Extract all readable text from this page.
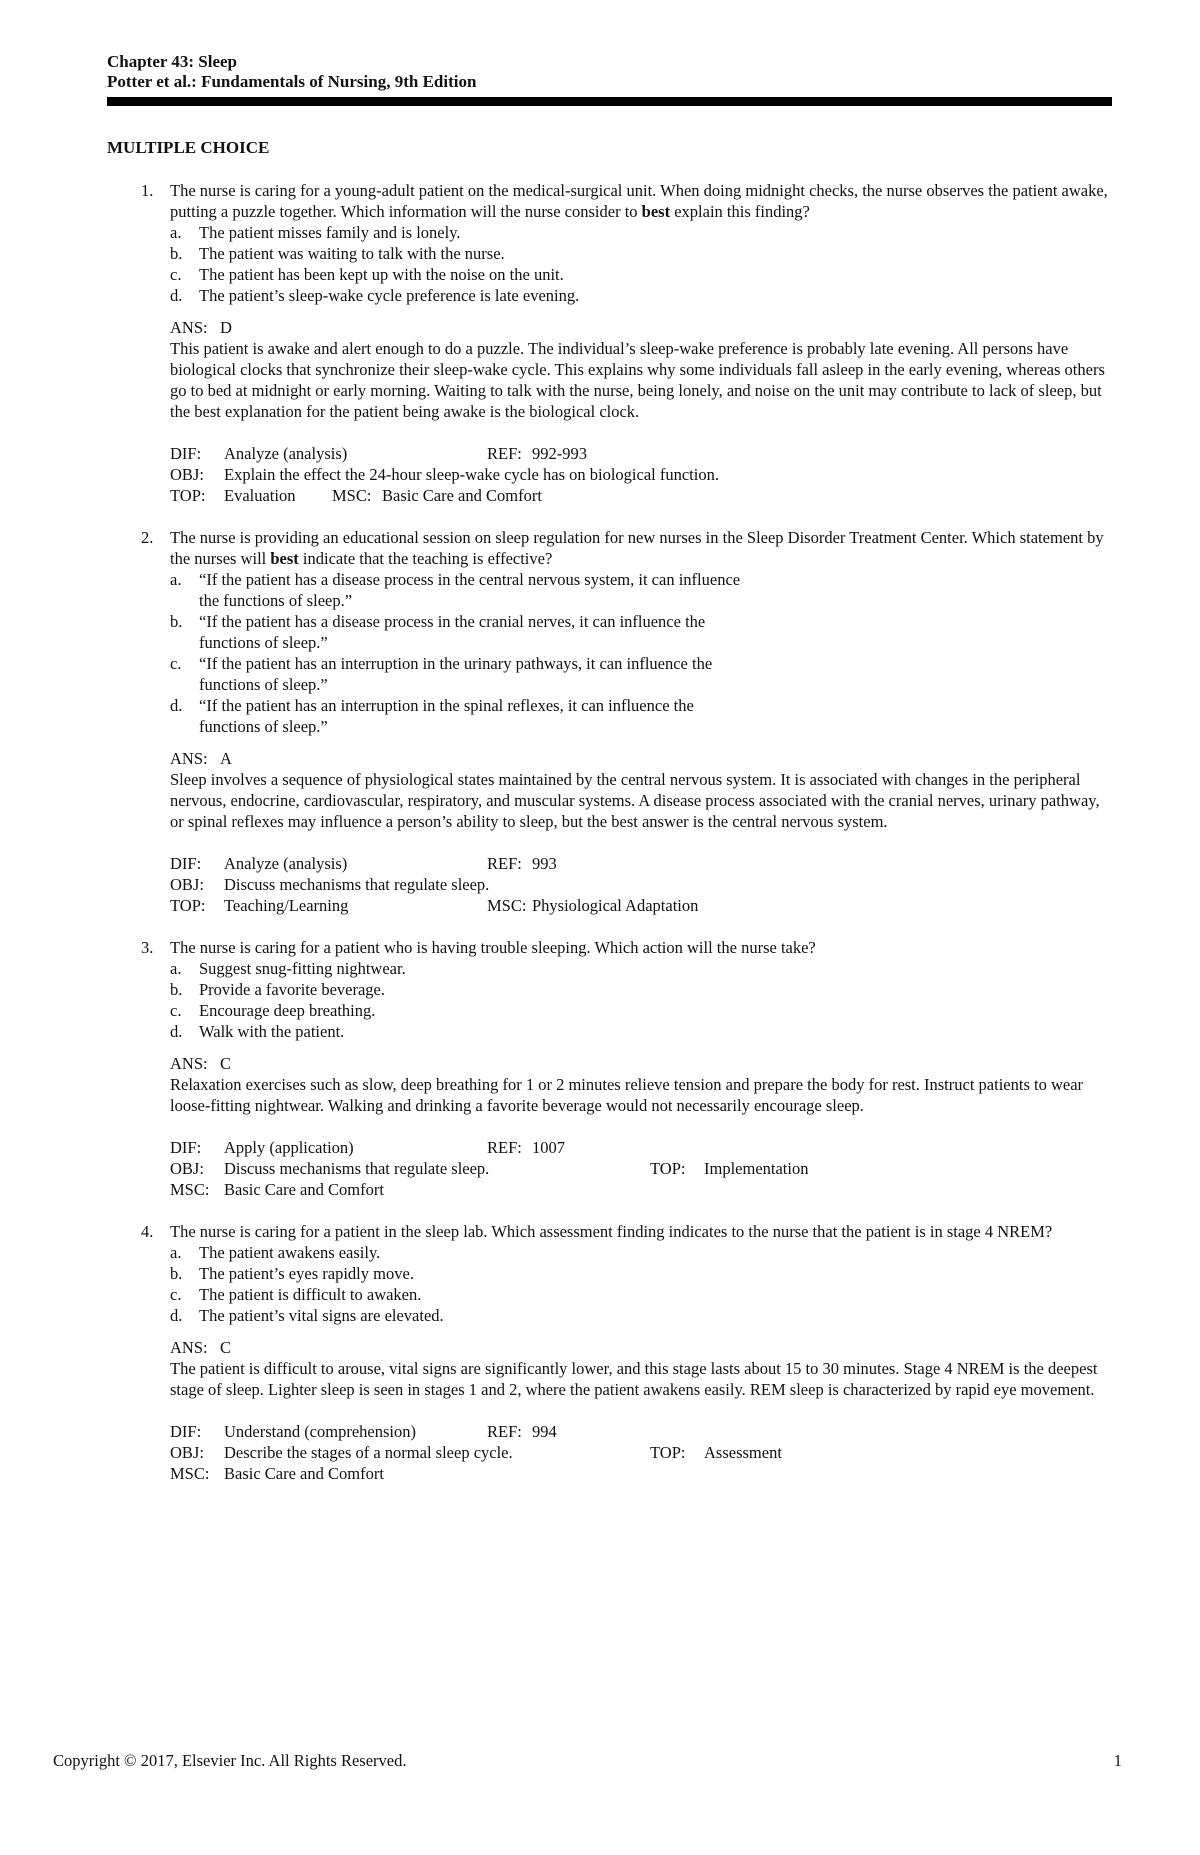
Chapter 43: Sleep
Potter et al.: Fundamentals of Nursing, 9th Edition
MULTIPLE CHOICE
1. The nurse is caring for a young-adult patient on the medical-surgical unit. When doing midnight checks, the nurse observes the patient awake, putting a puzzle together. Which information will the nurse consider to best explain this finding?

a. The patient misses family and is lonely.
b. The patient was waiting to talk with the nurse.
c. The patient has been kept up with the noise on the unit.
d. The patient’s sleep-wake cycle preference is late evening.
ANS:   D

This patient is awake and alert enough to do a puzzle. The individual’s sleep-wake preference is probably late evening. All persons have biological clocks that synchronize their sleep-wake cycle. This explains why some individuals fall asleep in the early evening, whereas others go to bed at midnight or early morning. Waiting to talk with the nurse, being lonely, and noise on the unit may contribute to lack of sleep, but the best explanation for the patient being awake is the biological clock.

DIF: Analyze (analysis)	REF: 992-993
OBJ: Explain the effect the 24-hour sleep-wake cycle has on biological function.
TOP: Evaluation MSC: Basic Care and Comfort
2. The nurse is providing an educational session on sleep regulation for new nurses in the Sleep Disorder Treatment Center. Which statement by the nurses will best indicate that the teaching is effective?

a. “If the patient has a disease process in the central nervous system, it can influence
the functions of sleep.”
b. “If the patient has a disease process in the cranial nerves, it can influence the
functions of sleep.”
c. “If the patient has an interruption in the urinary pathways, it can influence the
functions of sleep.”
d. “If the patient has an interruption in the spinal reflexes, it can influence the
functions of sleep.”
ANS:   A

Sleep involves a sequence of physiological states maintained by the central nervous system. It is associated with changes in the peripheral nervous, endocrine, cardiovascular, respiratory, and muscular systems. A disease process associated with the cranial nerves, urinary pathway, or spinal reflexes may influence a person’s ability to sleep, but the best answer is the central nervous system.

DIF: Analyze (analysis)	REF: 993
OBJ: Discuss mechanisms that regulate sleep.
TOP: Teaching/Learning	MSC: Physiological Adaptation
3. The nurse is caring for a patient who is having trouble sleeping. Which action will the nurse take?

a. Suggest snug-fitting nightwear.
b. Provide a favorite beverage.
c. Encourage deep breathing.
d. Walk with the patient.
ANS:   C

Relaxation exercises such as slow, deep breathing for 1 or 2 minutes relieve tension and prepare the body for rest. Instruct patients to wear loose-fitting nightwear. Walking and drinking a favorite beverage would not necessarily encourage sleep.

DIF: Apply (application)	REF: 1007
OBJ: Discuss mechanisms that regulate sleep.	TOP: Implementation
MSC: Basic Care and Comfort
4. The nurse is caring for a patient in the sleep lab. Which assessment finding indicates to the nurse that the patient is in stage 4 NREM?

a. The patient awakens easily.
b. The patient’s eyes rapidly move.
c. The patient is difficult to awaken.
d. The patient’s vital signs are elevated.
ANS:   C

The patient is difficult to arouse, vital signs are significantly lower, and this stage lasts about 15 to 30 minutes. Stage 4 NREM is the deepest stage of sleep. Lighter sleep is seen in stages 1 and 2, where the patient awakens easily. REM sleep is characterized by rapid eye movement.

DIF: Understand (comprehension)	REF: 994
OBJ: Describe the stages of a normal sleep cycle.	TOP: Assessment
MSC: Basic Care and Comfort
Copyright © 2017, Elsevier Inc. All Rights Reserved.	1
